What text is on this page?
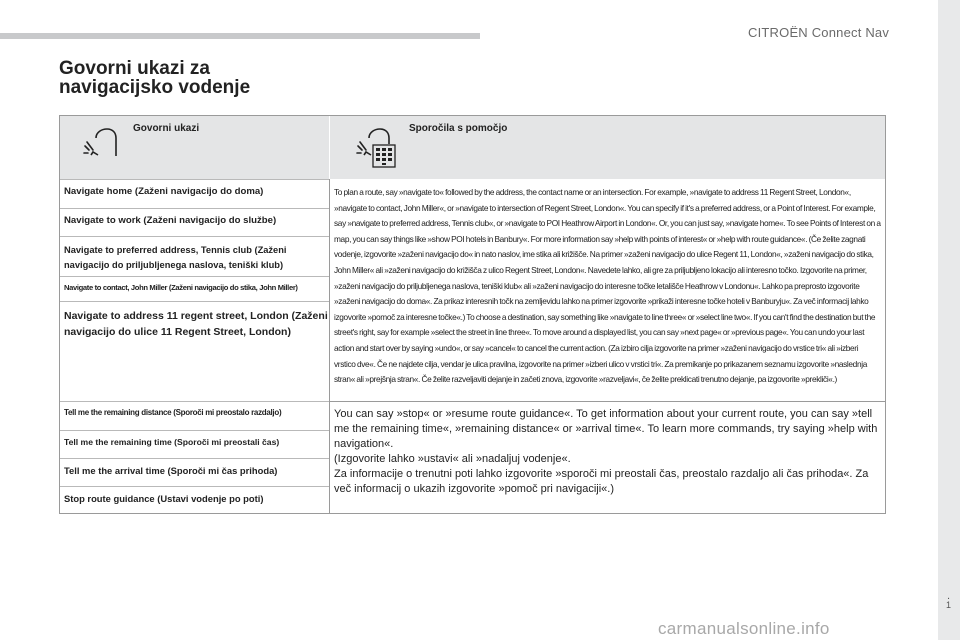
CITROËN Connect Nav
.
1
Govorni ukazi za
navigacijsko vodenje
Govorni ukazi	Sporočila s pomočjo
Navigate home (Zaženi navigacijo do doma)
Navigate to work (Zaženi navigacijo do službe)
Navigate to preferred address, Tennis club (Zaženi navigacijo do priljubljenega naslova, teniški klub)
Navigate to contact, John Miller (Zaženi navigacijo do stika, John Miller)
Navigate to address 11 regent street, London (Zaženi navigacijo do ulice 11 Regent Street, London)
To plan a route, say »navigate to« followed by the address, the contact name or an intersection. For example, »navigate to address 11 Regent Street, London«, »navigate to contact, John Miller«, or »navigate to intersection of Regent Street, London«. You can specify if it's a preferred address, or a Point of Interest. For example, say »navigate to preferred address, Tennis club«, or »navigate to POI Heathrow Airport in London«. Or, you can just say, »navigate home«. To see Points of Interest on a map, you can say things like »show POI hotels in Banbury«. For more information say »help with points of interest« or »help with route guidance«. (Če želite zagnati vodenje, izgovorite »zaženi navigacijo do« in nato naslov, ime stika ali križišče. Na primer »zaženi navigacijo do ulice Regent 11, London«, »zaženi navigacijo do stika, John Miller« ali »zaženi navigacijo do križišča z ulico Regent Street, London«. Navedete lahko, ali gre za priljubljeno lokacijo ali interesno točko. Izgovorite na primer, »zaženi navigacijo do priljubljenega naslova, teniški klub« ali »zaženi navigacijo do interesne točke letališče Heathrow v Londonu«. Lahko pa preprosto izgovorite »zaženi navigacijo do doma«. Za prikaz interesnih točk na zemljevidu lahko na primer izgovorite »prikaži interesne točke hoteli v Banburyju«. Za več informacij lahko izgovorite »pomoč za interesne točke«.) To choose a destination, say something like »navigate to line three« or »select line two«. If you can't find the destination but the street's right, say for example »select the street in line three«. To move around a displayed list, you can say »next page« or »previous page«. You can undo your last action and start over by saying »undo«, or say »cancel« to cancel the current action. (Za izbiro cilja izgovorite na primer »zaženi navigacijo do vrstice tri« ali »izberi vrstico dve«. Če ne najdete cilja, vendar je ulica pravilna, izgovorite na primer »izberi ulico v vrstici tri«. Za premikanje po prikazanem seznamu izgovorite »naslednja stran« ali »prejšnja stran«. Če želite razveljaviti dejanje in začeti znova, izgovorite »razveljavi«, če želite preklicati trenutno dejanje, pa izgovorite »prekliči«.)
Tell me the remaining distance (Sporoči mi preostalo razdaljo)
Tell me the remaining time (Sporoči mi preostali čas)
Tell me the arrival time (Sporoči mi čas prihoda)
Stop route guidance (Ustavi vodenje po poti)
You can say »stop« or »resume route guidance«. To get information about your current route, you can say »tell me the remaining time«, »remaining distance« or »arrival time«. To learn more commands, try saying »help with navigation«.
(Izgovorite lahko »ustavi« ali »nadaljuj vodenje«.
Za informacije o trenutni poti lahko izgovorite »sporoči mi preostali čas, preostalo razdaljo ali čas prihoda«. Za več informacij o ukazih izgovorite »pomoč pri navigaciji«.)
carmanualsonline.info
